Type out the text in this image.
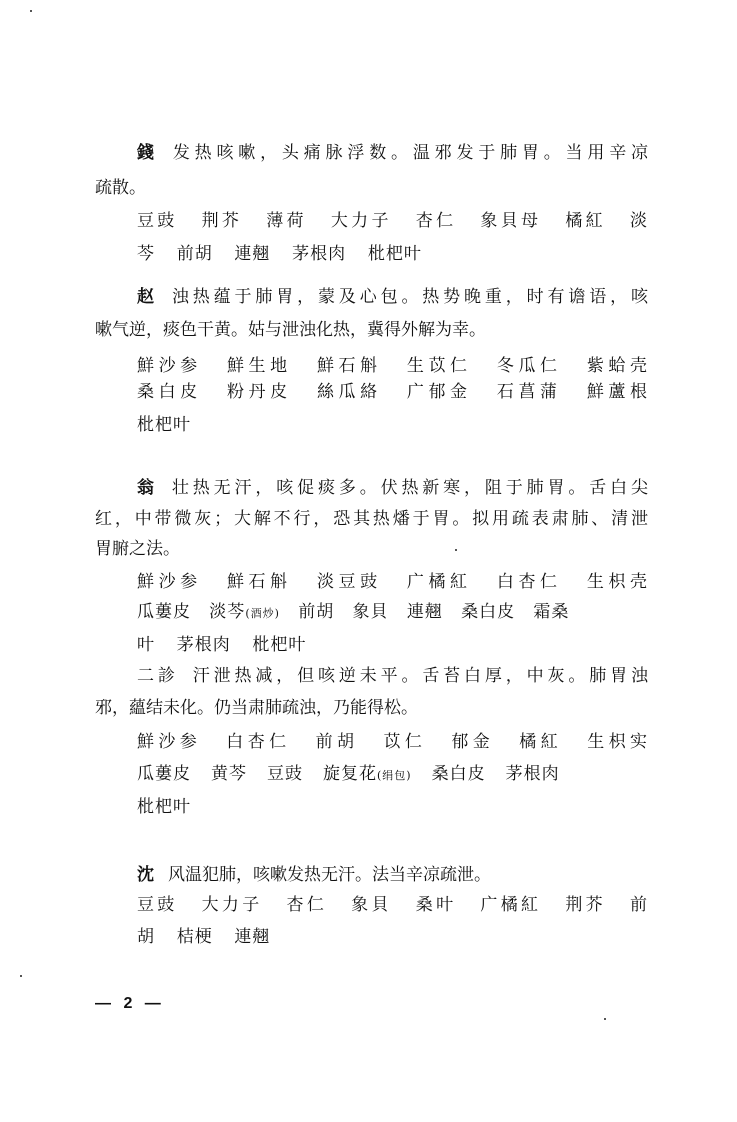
錢 发热咳嗽，头痛脉浮数。温邪发于肺胃。当用辛凉
疏散。
豆豉 荆芥 薄荷 大力子 杏仁 象貝母 橘紅 淡
芩 前胡 連翹 茅根肉 枇杷叶
赵 浊热蕴于肺胃，蒙及心包。热势晚重，时有谵语，咳
嗽气逆，痰色干黄。姑与泄浊化热，冀得外解为幸。
鮮沙参 鮮生地 鮮石斛 生苡仁 冬瓜仁 紫蛤壳
桑白皮 粉丹皮 絲瓜絡 广郁金 石菖蒲 鮮蘆根
枇杷叶
翁 壮热无汗，咳促痰多。伏热新寒，阻于肺胃。舌白尖
红，中带微灰；大解不行，恐其热燔于胃。拟用疏表肃肺、清泄
胃腑之法。
鮮沙参 鮮石斛 淡豆豉 广橘紅 白杏仁 生枳壳
瓜蔞皮 淡芩(酒炒) 前胡 象貝 連翹 桑白皮 霜桑
叶 茅根肉 枇杷叶
二診 汗泄热减，但咳逆未平。舌苔白厚，中灰。肺胃浊
邪，蘊结未化。仍当肃肺疏浊，乃能得松。
鮮沙参 白杏仁 前胡 苡仁 郁金 橘紅 生枳实
瓜蔞皮 黄芩 豆豉 旋复花(绢包) 桑白皮 茅根肉
枇杷叶
沈 风温犯肺，咳嗽发热无汗。法当辛凉疏泄。
豆豉 大力子 杏仁 象貝 桑叶 广橘紅 荆芥 前
胡 桔梗 連翹
— 2 —
